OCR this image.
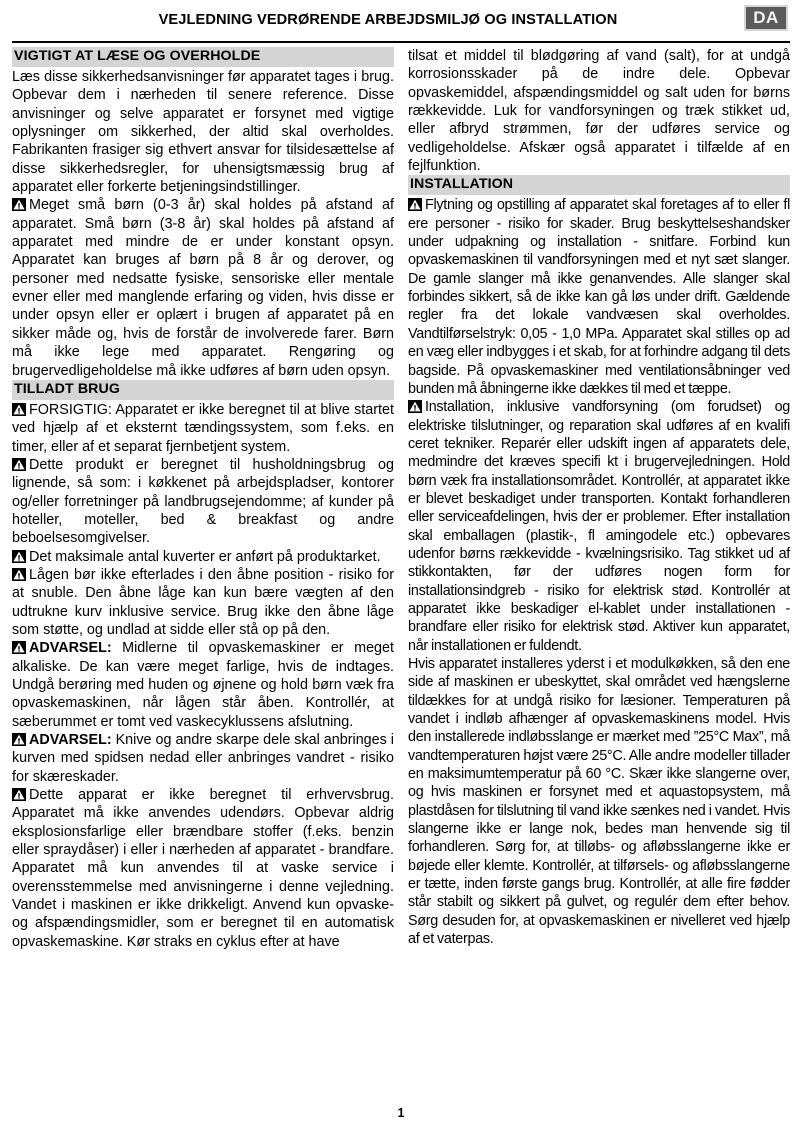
VEJLEDNING VEDRØRENDE ARBEJDSMILJØ OG INSTALLATION	DA
VIGTIGT AT LÆSE OG OVERHOLDE

Læs disse sikkerhedsanvisninger før apparatet tages i brug. Opbevar dem i nærheden til senere reference. Disse anvisninger og selve apparatet er forsynet med vigtige oplysninger om sikkerhed, der altid skal overholdes. Fabrikanten frasiger sig ethvert ansvar for tilsidesættelse af disse sikkerhedsregler, for uhensigtsmæssig brug af apparatet eller forkerte betjeningsindstillinger.

Meget små børn (0-3 år) skal holdes på afstand af apparatet. Små børn (3-8 år) skal holdes på afstand af apparatet med mindre de er under konstant opsyn. Apparatet kan bruges af børn på 8 år og derover, og personer med nedsatte fysiske, sensoriske eller mentale evner eller med manglende erfaring og viden, hvis disse er under opsyn eller er oplært i brugen af apparatet på en sikker måde og, hvis de forstår de involverede farer. Børn må ikke lege med apparatet. Rengøring og brugervedligeholdelse må ikke udføres af børn uden opsyn.

TILLADT BRUG

FORSIGTIG: Apparatet er ikke beregnet til at blive startet ved hjælp af et eksternt tændingssystem, som f.eks. en timer, eller af et separat fjernbetjent system.

Dette produkt er beregnet til husholdningsbrug og lignende, så som: i køkkenet på arbejdspladser, kontorer og/eller forretninger på landbrugsejendomme; af kunder på hoteller, moteller, bed & breakfast og andre beboelsesomgivelser.

Det maksimale antal kuverter er anført på produktarket.

Lågen bør ikke efterlades i den åbne position - risiko for at snuble. Den åbne låge kan kun bære vægten af den udtrukne kurv inklusive service. Brug ikke den åbne låge som støtte, og undlad at sidde eller stå op på den.

ADVARSEL: Midlerne til opvaskemaskiner er meget alkaliske. De kan være meget farlige, hvis de indtages. Undgå berøring med huden og øjnene og hold børn væk fra opvaskemaskinen, når lågen står åben. Kontrollér, at sæberummet er tomt ved vaskecyklussens afslutning.

ADVARSEL: Knive og andre skarpe dele skal anbringes i kurven med spidsen nedad eller anbringes vandret - risiko for skæreskader.

Dette apparat er ikke beregnet til erhvervsbrug. Apparatet må ikke anvendes udendørs. Opbevar aldrig eksplosionsfarlige eller brændbare stoffer (f.eks. benzin eller spraydåser) i eller i nærheden af apparatet - brandfare. Apparatet må kun anvendes til at vaske service i overensstemmelse med anvisningerne i denne vejledning. Vandet i maskinen er ikke drikkeligt. Anvend kun opvaske- og afspændingsmidler, som er beregnet til en automatisk opvaskemaskine. Kør straks en cyklus efter at have

tilsat et middel til blødgøring af vand (salt), for at undgå korrosionsskader på de indre dele. Opbevar opvaskemiddel, afspændingsmiddel og salt uden for børns rækkevidde. Luk for vandforsyningen og træk stikket ud, eller afbryd strømmen, før der udføres service og vedligeholdelse. Afskær også apparatet i tilfælde af en fejlfunktion.

INSTALLATION

Flytning og opstilling af apparatet skal foretages af to eller fl ere personer - risiko for skader. Brug beskyttelseshandsker under udpakning og installation - snitfare. Forbind kun opvaskemaskinen til vandforsyningen med et nyt sæt slanger. De gamle slanger må ikke genanvendes. Alle slanger skal forbindes sikkert, så de ikke kan gå løs under drift. Gældende regler fra det lokale vandvæsen skal overholdes. Vandtilførselstryk: 0,05 - 1,0 MPa. Apparatet skal stilles op ad en væg eller indbygges i et skab, for at forhindre adgang til dets bagside. På opvaskemaskiner med ventilationsåbninger ved bunden må åbningerne ikke dækkes til med et tæppe.

Installation, inklusive vandforsyning (om forudset) og elektriske tilslutninger, og reparation skal udføres af en kvalifi ceret tekniker. Reparér eller udskift ingen af apparatets dele, medmindre det kræves specifi kt i brugervejledningen. Hold børn væk fra installationsområdet. Kontrollér, at apparatet ikke er blevet beskadiget under transporten. Kontakt forhandleren eller serviceafdelingen, hvis der er problemer. Efter installation skal emballagen (plastik-, fl amingodele etc.) opbevares udenfor børns rækkevidde - kvælningsrisiko. Tag stikket ud af stikkontakten, før der udføres nogen form for installationsindgreb - risiko for elektrisk stød. Kontrollér at apparatet ikke beskadiger el-kablet under installationen - brandfare eller risiko for elektrisk stød. Aktiver kun apparatet, når installationen er fuldendt.

Hvis apparatet installeres yderst i et modulkøkken, så den ene side af maskinen er ubeskyttet, skal området ved hængslerne tildækkes for at undgå risiko for læsioner. Temperaturen på vandet i indløb afhænger af opvaskemaskinens model. Hvis den installerede indløbsslange er mærket med ”25°C Max”, må vandtemperaturen højst være 25°C. Alle andre modeller tillader en maksimumtemperatur på 60 °C. Skær ikke slangerne over, og hvis maskinen er forsynet med et aquastopsystem, må plastdåsen for tilslutning til vand ikke sænkes ned i vandet. Hvis slangerne ikke er lange nok, bedes man henvende sig til forhandleren. Sørg for, at tilløbs- og afløbsslangerne ikke er bøjede eller klemte. Kontrollér, at tilførsels- og afløbsslangerne er tætte, inden første gangs brug. Kontrollér, at alle fire fødder står stabilt og sikkert på gulvet, og regulér dem efter behov. Sørg desuden for, at opvaskemaskinen er nivelleret ved hjælp af et vaterpas.

1
